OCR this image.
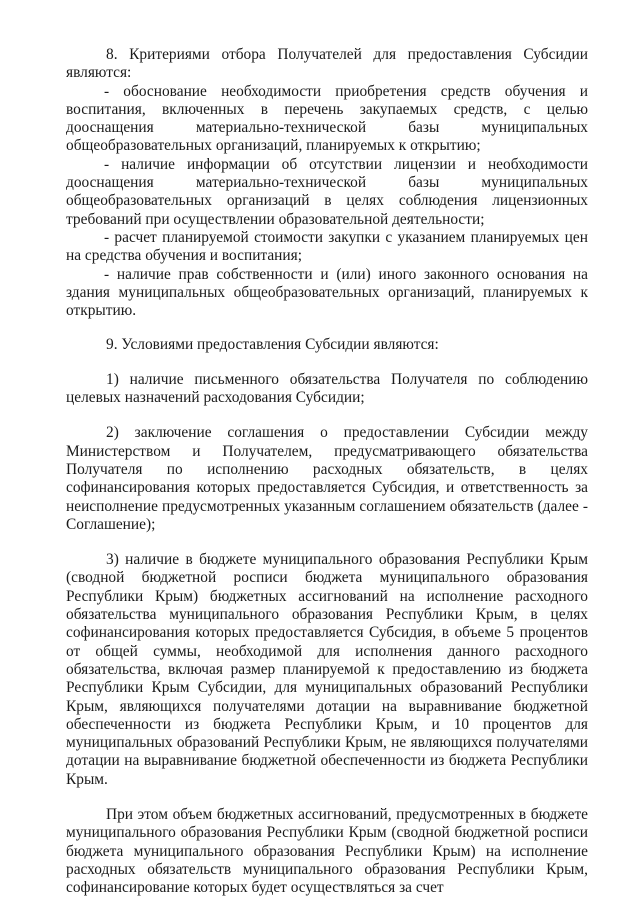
8. Критериями отбора Получателей для предоставления Субсидии являются:

- обоснование необходимости приобретения средств обучения и воспитания, включенных в перечень закупаемых средств, с целью дооснащения материально-технической базы муниципальных общеобразовательных организаций, планируемых к открытию;

- наличие информации об отсутствии лицензии и необходимости дооснащения материально-технической базы муниципальных общеобразовательных организаций в целях соблюдения лицензионных требований при осуществлении образовательной деятельности;

- расчет планируемой стоимости закупки с указанием планируемых цен на средства обучения и воспитания;

- наличие прав собственности и (или) иного законного основания на здания муниципальных общеобразовательных организаций, планируемых к открытию.

9. Условиями предоставления Субсидии являются:

1) наличие письменного обязательства Получателя по соблюдению целевых назначений расходования Субсидии;

2) заключение соглашения о предоставлении Субсидии между Министерством и Получателем, предусматривающего обязательства Получателя по исполнению расходных обязательств, в целях софинансирования которых предоставляется Субсидия, и ответственность за неисполнение предусмотренных указанным соглашением обязательств (далее - Соглашение);

3) наличие в бюджете муниципального образования Республики Крым (сводной бюджетной росписи бюджета муниципального образования Республики Крым) бюджетных ассигнований на исполнение расходного обязательства муниципального образования Республики Крым, в целях софинансирования которых предоставляется Субсидия, в объеме 5 процентов от общей суммы, необходимой для исполнения данного расходного обязательства, включая размер планируемой к предоставлению из бюджета Республики Крым Субсидии, для муниципальных образований Республики Крым, являющихся получателями дотации на выравнивание бюджетной обеспеченности из бюджета Республики Крым, и 10 процентов для муниципальных образований Республики Крым, не являющихся получателями дотации на выравнивание бюджетной обеспеченности из бюджета Республики Крым.

При этом объем бюджетных ассигнований, предусмотренных в бюджете муниципального образования Республики Крым (сводной бюджетной росписи бюджета муниципального образования Республики Крым) на исполнение расходных обязательств муниципального образования Республики Крым, софинансирование которых будет осуществляться за счет
